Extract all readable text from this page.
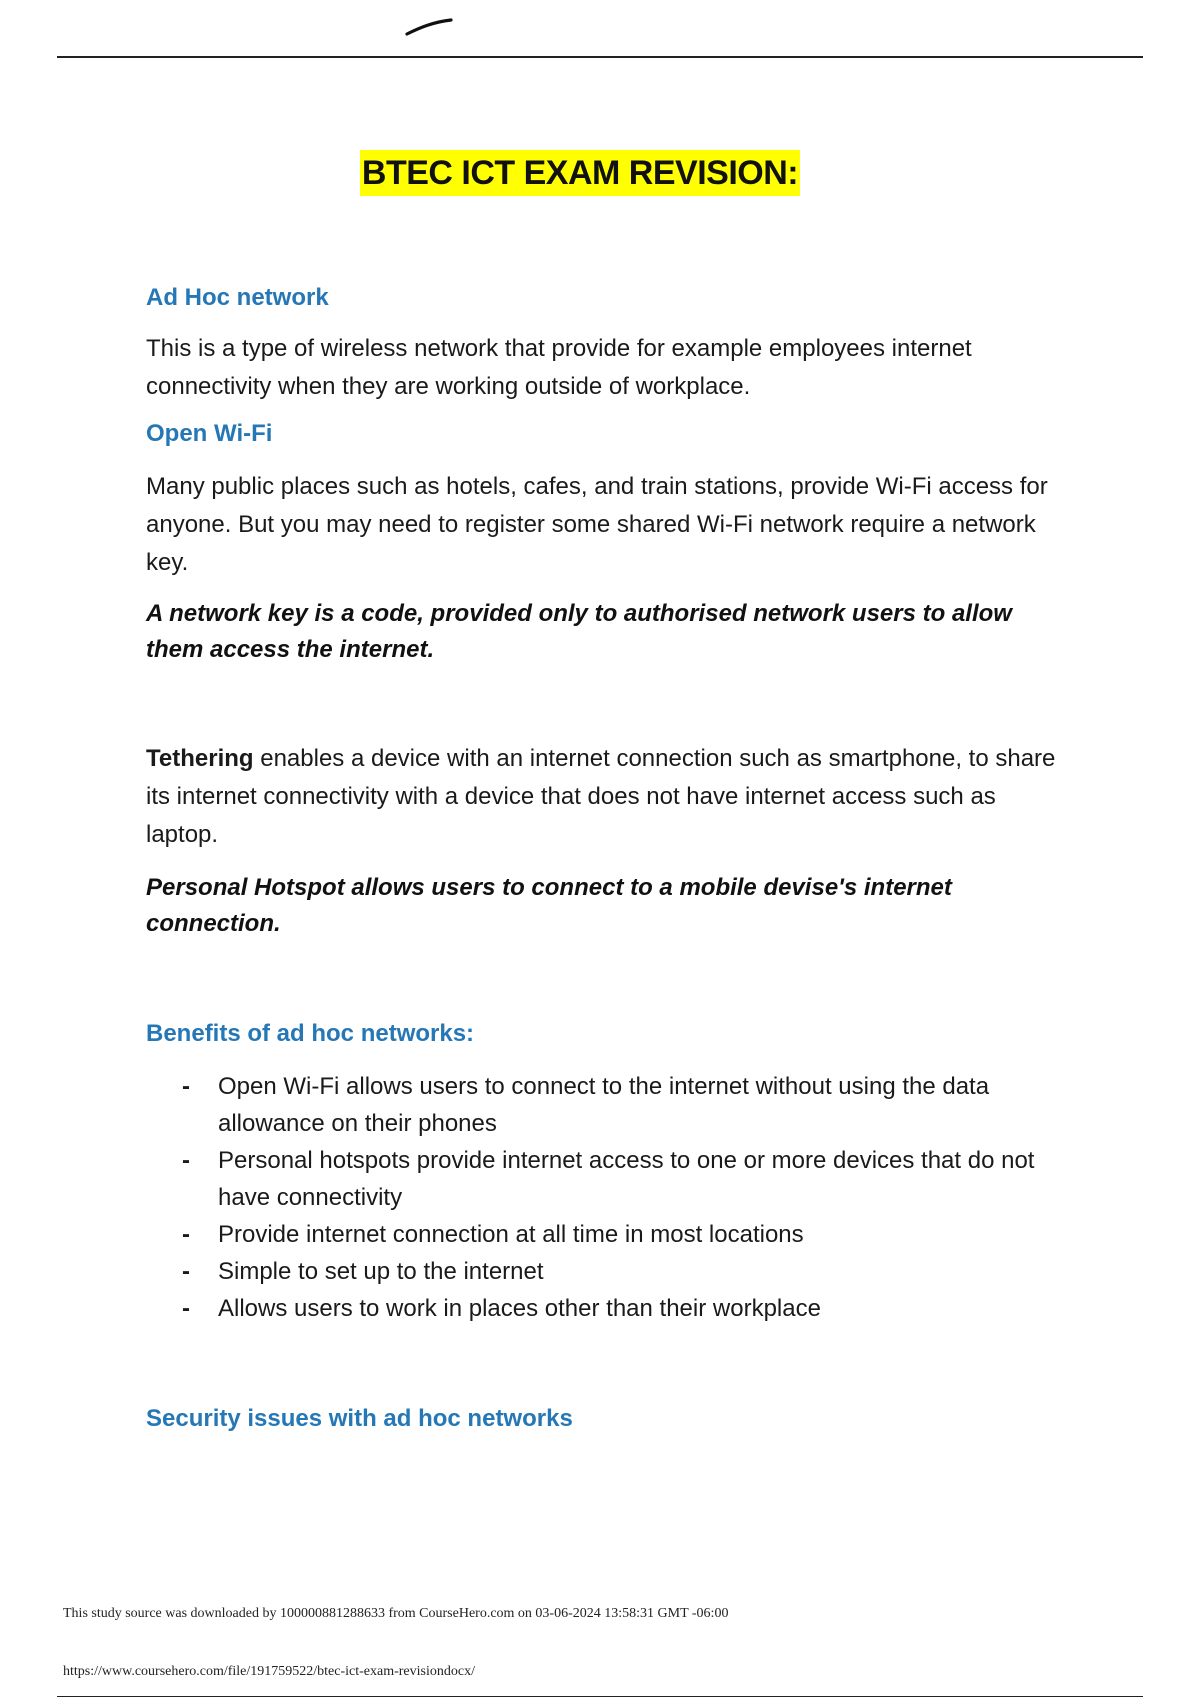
BTEC ICT EXAM REVISION:
Ad Hoc network

This is a type of wireless network that provide for example employees internet connectivity when they are working outside of workplace.

Open Wi-Fi

Many public places such as hotels, cafes, and train stations, provide Wi-Fi access for anyone. But you may need to register some shared Wi-Fi network require a network key.

A network key is a code, provided only to authorised network users to allow them access the internet.

Tethering enables a device with an internet connection such as smartphone, to share its internet connectivity with a device that does not have internet access such as laptop.

Personal Hotspot allows users to connect to a mobile devise's internet connection.

Benefits of ad hoc networks:
- Open Wi-Fi allows users to connect to the internet without using the data allowance on their phones
- Personal hotspots provide internet access to one or more devices that do not have connectivity
- Provide internet connection at all time in most locations
- Simple to set up to the internet
- Allows users to work in places other than their workplace
Security issues with ad hoc networks
This study source was downloaded by 100000881288633 from CourseHero.com on 03-06-2024 13:58:31 GMT -06:00
https://www.coursehero.com/file/191759522/btec-ict-exam-revisiondocx/
